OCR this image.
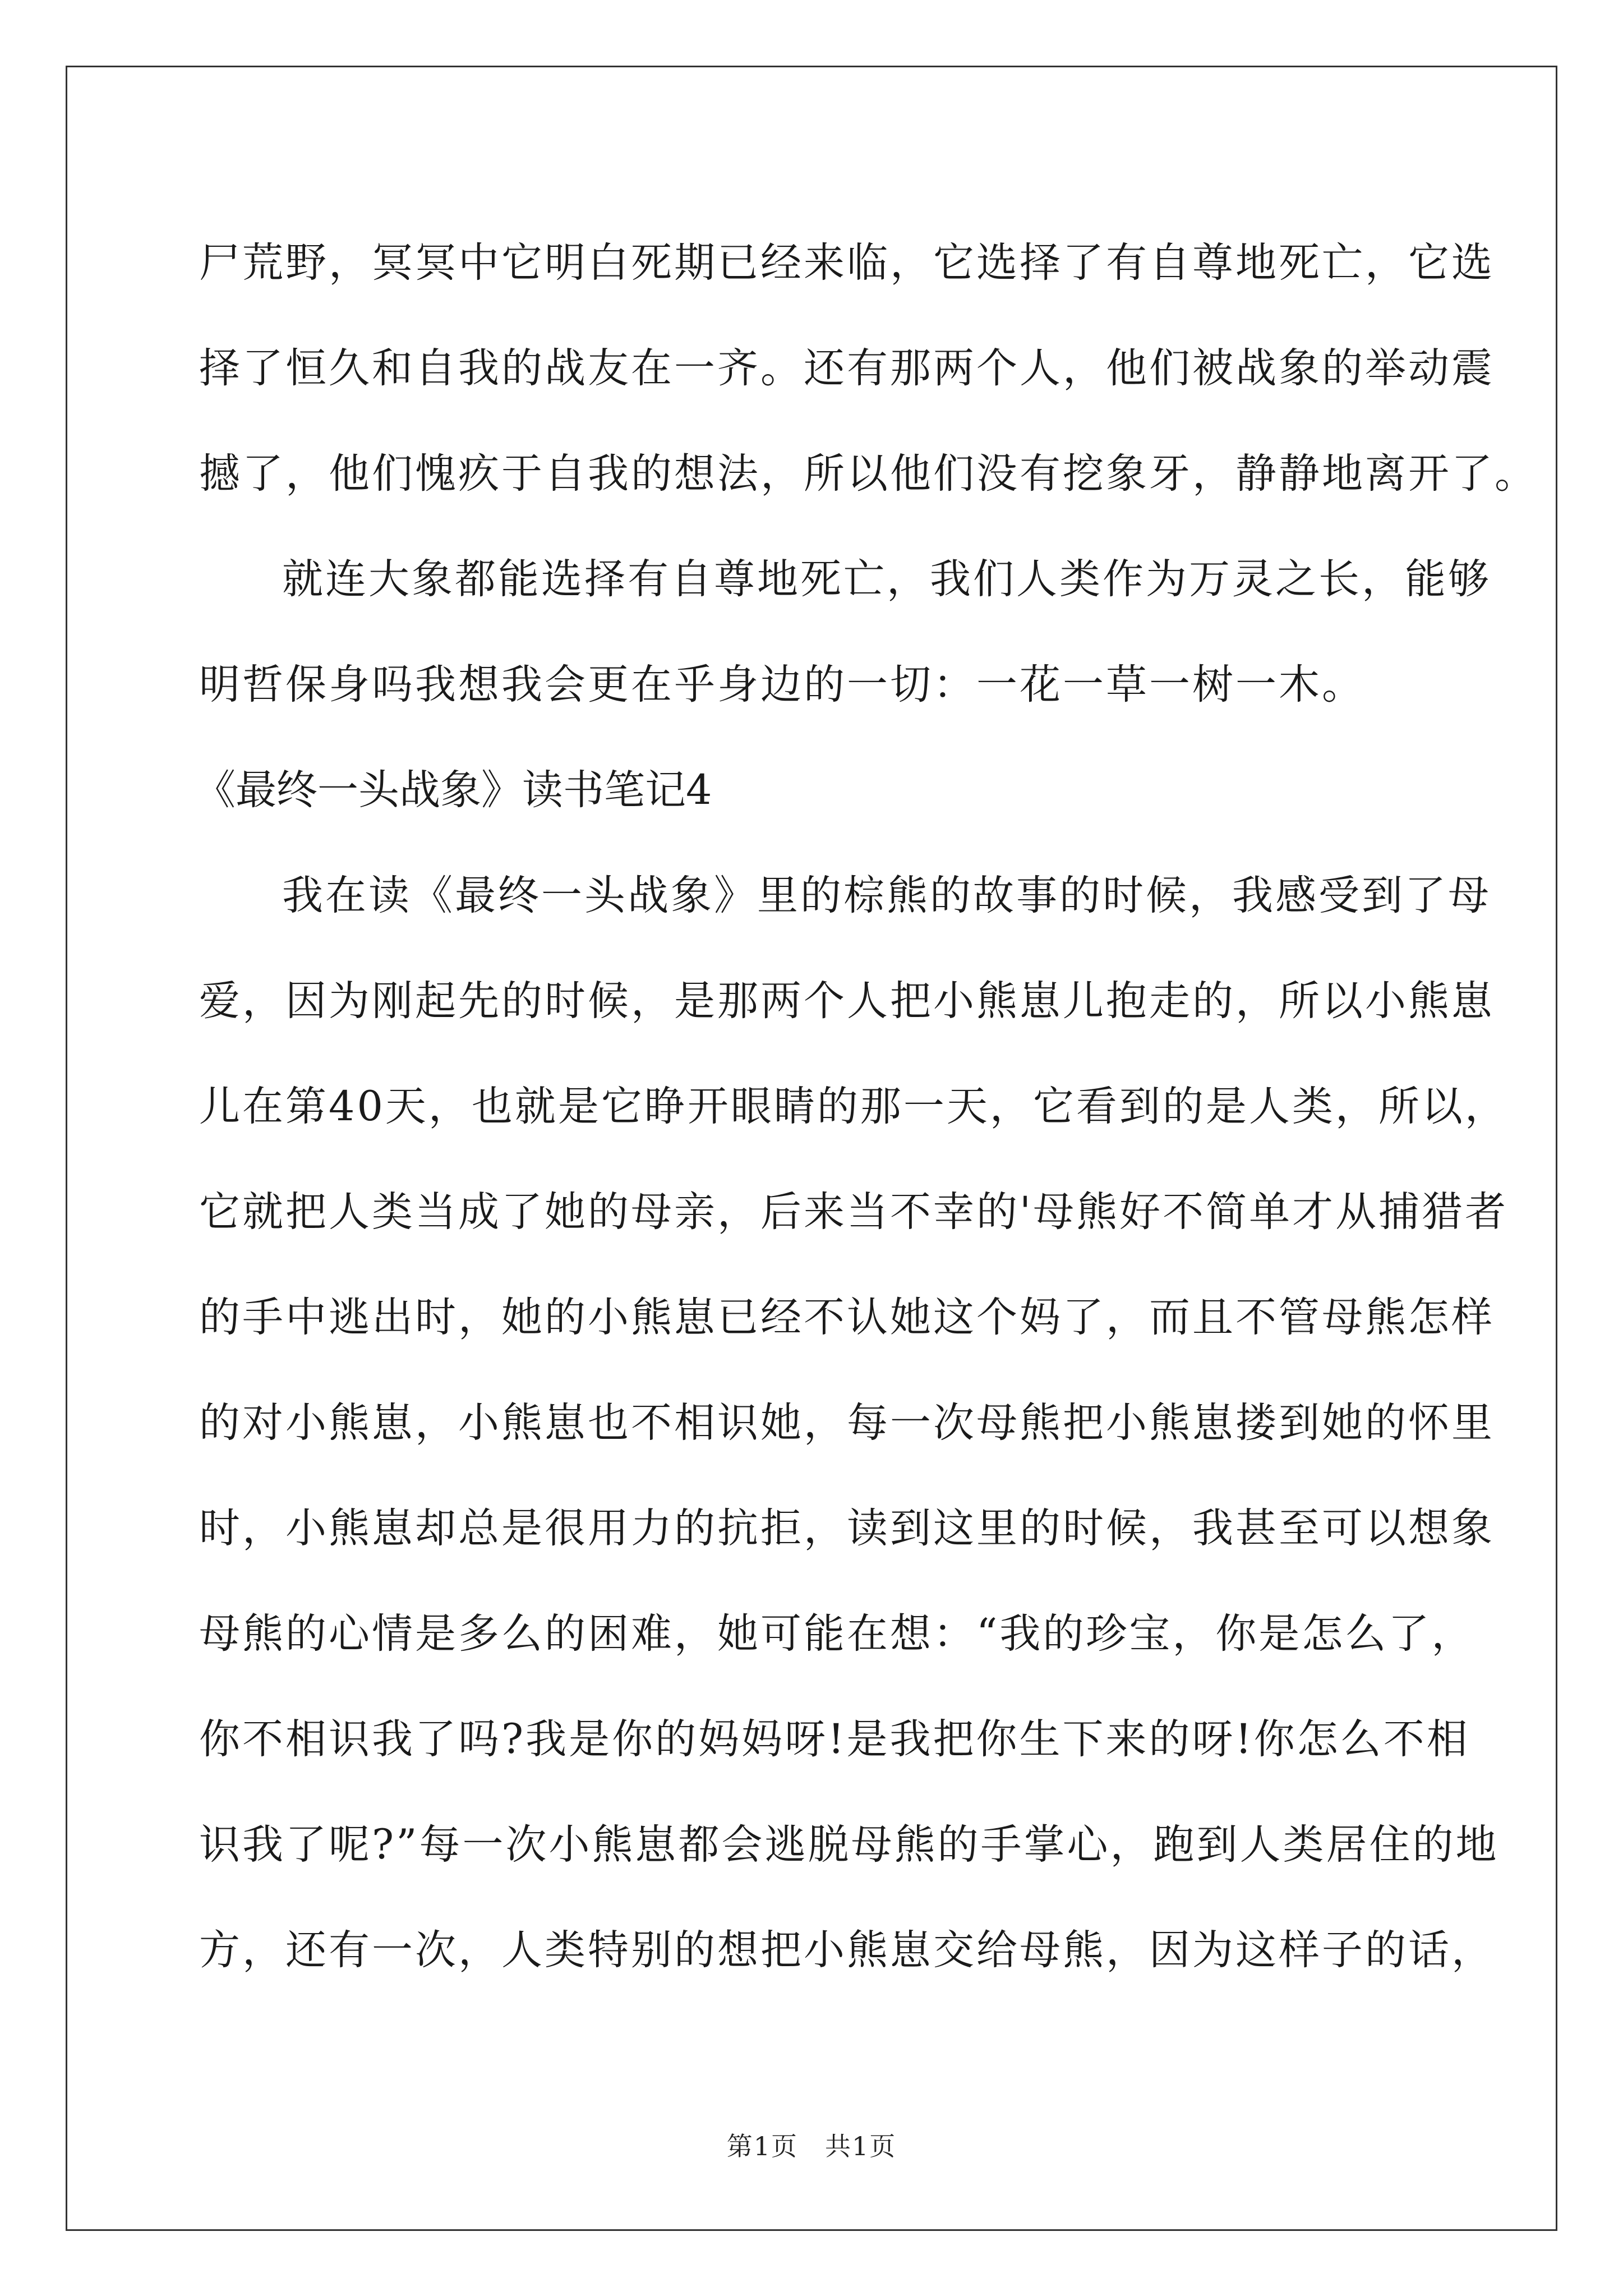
尸荒野，冥冥中它明白死期已经来临，它选择了有自尊地死亡，它选
择了恒久和自我的战友在一齐。还有那两个人，他们被战象的举动震
撼了，他们愧疚于自我的想法，所以他们没有挖象牙，静静地离开了。
就连大象都能选择有自尊地死亡，我们人类作为万灵之长，能够
明哲保身吗我想我会更在乎身边的一切：一花一草一树一木。
《最终一头战象》读书笔记4
我在读《最终一头战象》里的棕熊的故事的时候，我感受到了母
爱，因为刚起先的时候，是那两个人把小熊崽儿抱走的，所以小熊崽
儿在第40天，也就是它睁开眼睛的那一天，它看到的是人类，所以，
它就把人类当成了她的母亲，后来当不幸的'母熊好不简单才从捕猎者
的手中逃出时，她的小熊崽已经不认她这个妈了，而且不管母熊怎样
的对小熊崽，小熊崽也不相识她，每一次母熊把小熊崽搂到她的怀里
时，小熊崽却总是很用力的抗拒，读到这里的时候，我甚至可以想象
母熊的心情是多么的困难，她可能在想：“我的珍宝，你是怎么了，
你不相识我了吗?我是你的妈妈呀!是我把你生下来的呀!你怎么不相
识我了呢?”每一次小熊崽都会逃脱母熊的手掌心，跑到人类居住的地
方，还有一次，人类特别的想把小熊崽交给母熊，因为这样子的话，
第1页　共1页
